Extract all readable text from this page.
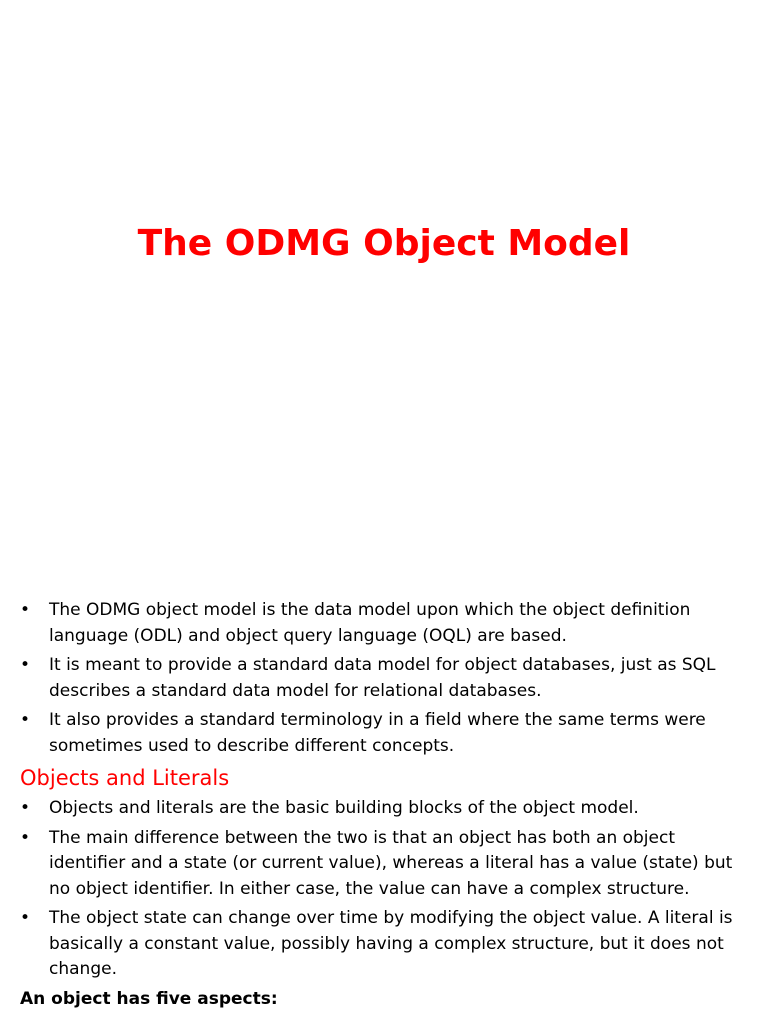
The ODMG Object Model
•	The ODMG object model is the data model upon which the object definition language (ODL) and object query language (OQL) are based.
•	It is meant to provide a standard data model for object databases, just as SQL describes a standard data model for relational databases.
•	It also provides a standard terminology in a field where the same terms were sometimes used to describe different concepts.
Objects and Literals
•	Objects and literals are the basic building blocks of the object model.
•	The main difference between the two is that an object has both an object identifier and a state (or current value), whereas a literal has a value (state) but no object identifier. In either case, the value can have a complex structure.
•	The object state can change over time by modifying the object value. A literal is basically a constant value, possibly having a complex structure, but it does not change.
An object has five aspects:
